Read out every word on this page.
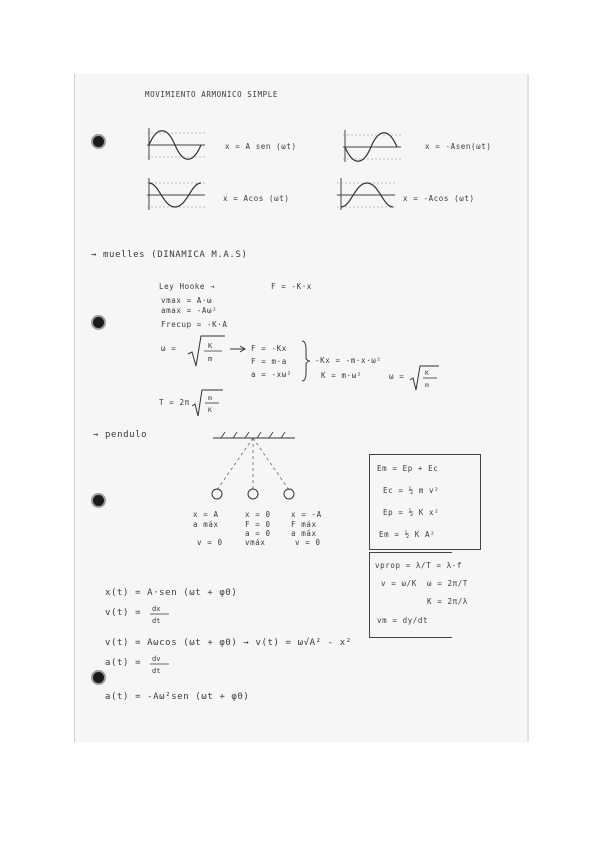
MOVIMIENTO ARMONICO SIMPLE
x = A sen (ωt)	x = -Asen(ωt)
x = Acos (ωt)	x = -Acos (ωt)
→ muelles (DINAMICA M.A.S)
Ley Hooke →	F = -K·x
vmax = A·ω
amax = -Aω²
Frecup = -K·A
ω =	K
m
F = -Kx
F = m·a
a = -xω²
-Kx = -m·x·ω²
K = m·ω²	ω =	K
m
T = 2π	m
K
→ pendulo
x = A
a máx
v = 0
x = 0
F = 0
a = 0
vmáx
x = -A
F máx
a máx
v = 0
Em = Ep + Ec
Ec = ½ m v²
Ep = ½ K x²
Em = ½ K A²
vprop = λ/T = λ·f
v = ω/K ω = 2π/T
K = 2π/λ
vm = dy/dt
x(t) = A·sen (ωt + φ0)
v(t) = dx
dt
v(t) = Aωcos (ωt + φ0) → v(t) = ω√A² - x²
a(t) = dv
dt
a(t) = -Aω²sen (ωt + φ0)
